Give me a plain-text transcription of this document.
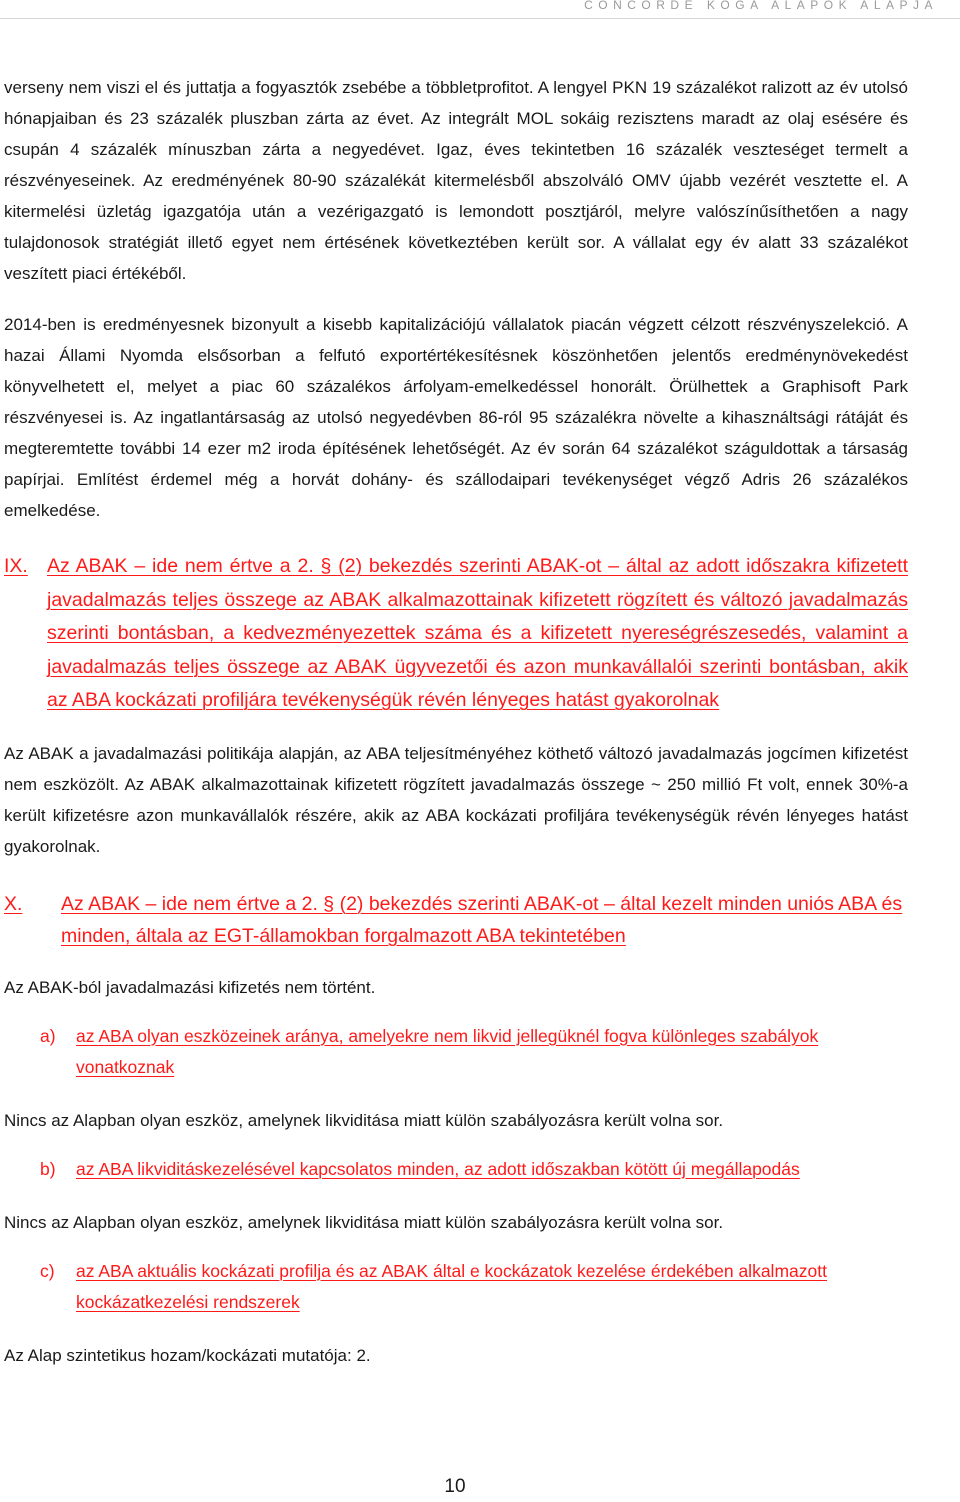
CONCORDE KOGA ALAPOK ALAPJA

verseny nem viszi el és juttatja a fogyasztók zsebébe a többletprofitot. A lengyel PKN 19 százalékot ralizott az év utolsó hónapjaiban és 23 százalék pluszban zárta az évet. Az integrált MOL sokáig rezisztens maradt az olaj esésére és csupán 4 százalék mínuszban zárta a negyedévet. Igaz, éves tekintetben 16 százalék veszteséget termelt a részvényeseinek. Az eredményének 80-90 százalékát kitermelésből abszolváló OMV újabb vezérét vesztette el. A kitermelési üzletág igazgatója után a vezérigazgató is lemondott posztjáról, melyre valószínűsíthetően a nagy tulajdonosok stratégiát illető egyet nem értésének következtében került sor. A vállalat egy év alatt 33 százalékot veszített piaci értékéből.

2014-ben is eredményesnek bizonyult a kisebb kapitalizációjú vállalatok piacán végzett célzott részvényszelekció. A hazai Állami Nyomda elsősorban a felfutó exportértékesítésnek köszönhetően jelentős eredménynövekedést könyvelhetett el, melyet a piac 60 százalékos árfolyam-emelkedéssel honorált. Örülhettek a Graphisoft Park részvényesei is. Az ingatlantársaság az utolsó negyedévben 86-ról 95 százalékra növelte a kihasználtsági rátáját és megteremtette további 14 ezer m2 iroda építésének lehetőségét. Az év során 64 százalékot száguldottak a társaság papírjai. Említést érdemel még a horvát dohány- és szállodaipari tevékenységet végző Adris 26 százalékos emelkedése.

IX. Az ABAK – ide nem értve a 2. § (2) bekezdés szerinti ABAK-ot – által az adott időszakra kifizetett javadalmazás teljes összege az ABAK alkalmazottainak kifizetett rögzített és változó javadalmazás szerinti bontásban, a kedvezményezettek száma és a kifizetett nyereségrészesedés, valamint a javadalmazás teljes összege az ABAK ügyvezetői és azon munkavállalói szerinti bontásban, akik az ABA kockázati profiljára tevékenységük révén lényeges hatást gyakorolnak

Az ABAK a javadalmazási politikája alapján, az ABA teljesítményéhez köthető változó javadalmazás jogcímen kifizetést nem eszközölt. Az ABAK alkalmazottainak kifizetett rögzített javadalmazás összege ~ 250 millió Ft volt, ennek 30%-a került kifizetésre azon munkavállalók részére, akik az ABA kockázati profiljára tevékenységük révén lényeges hatást gyakorolnak.

X.	Az ABAK – ide nem értve a 2. § (2) bekezdés szerinti ABAK-ot – által kezelt minden uniós ABA és minden, általa az EGT-államokban forgalmazott ABA tekintetében

Az ABAK-ból javadalmazási kifizetés nem történt.

a)	az ABA olyan eszközeinek aránya, amelyekre nem likvid jellegüknél fogva különleges szabályok vonatkoznak

Nincs az Alapban olyan eszköz, amelynek likviditása miatt külön szabályozásra került volna sor.

b)	az ABA likviditáskezelésével kapcsolatos minden, az adott időszakban kötött új megállapodás

Nincs az Alapban olyan eszköz, amelynek likviditása miatt külön szabályozásra került volna sor.

c)	az ABA aktuális kockázati profilja és az ABAK által e kockázatok kezelése érdekében alkalmazott kockázatkezelési rendszerek

Az Alap szintetikus hozam/kockázati mutatója: 2.

10
